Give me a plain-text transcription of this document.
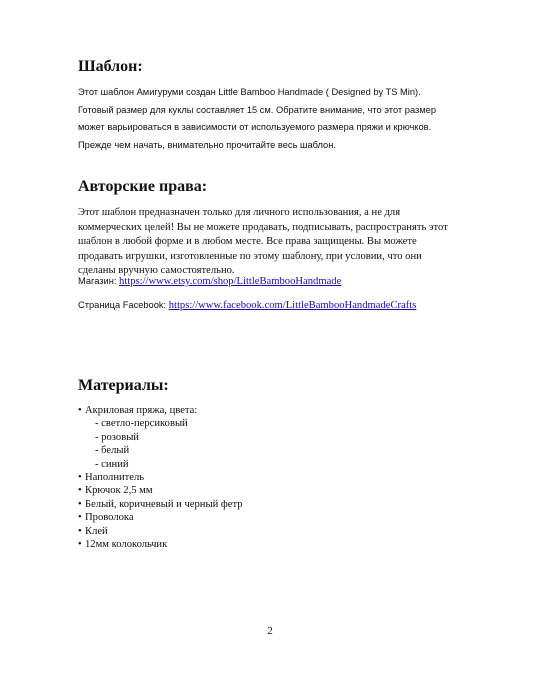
Шаблон:
Этот шаблон Амигуруми создан Little Bamboo Handmade ( Designed by TS Min).
Готовый размер для куклы составляет 15 см. Обратите внимание, что этот размер
может варьироваться в зависимости от используемого размера пряжи и крючков.
Прежде чем начать, внимательно прочитайте весь шаблон.
Авторские права:
Этот шаблон предназначен только для личного использования, а не для
коммерческих целей! Вы не можете продавать, подписывать, распространять этот
шаблон в любой форме и в любом месте. Все права защищены. Вы можете
продавать игрушки, изготовленные по этому шаблону, при условии, что они
сделаны вручную самостоятельно.
Магазин: https://www.etsy.com/shop/LittleBambooHandmade
Страница Facebook: https://www.facebook.com/LittleBambooHandmadeCrafts
Материалы:
• Акриловая пряжа, цвета:
- светло-персиковый
- розовый
- белый
- синий
• Наполнитель
• Крючок 2,5 мм
• Белый, коричневый и черный фетр
• Проволока
• Клей
• 12мм колокольчик
2
